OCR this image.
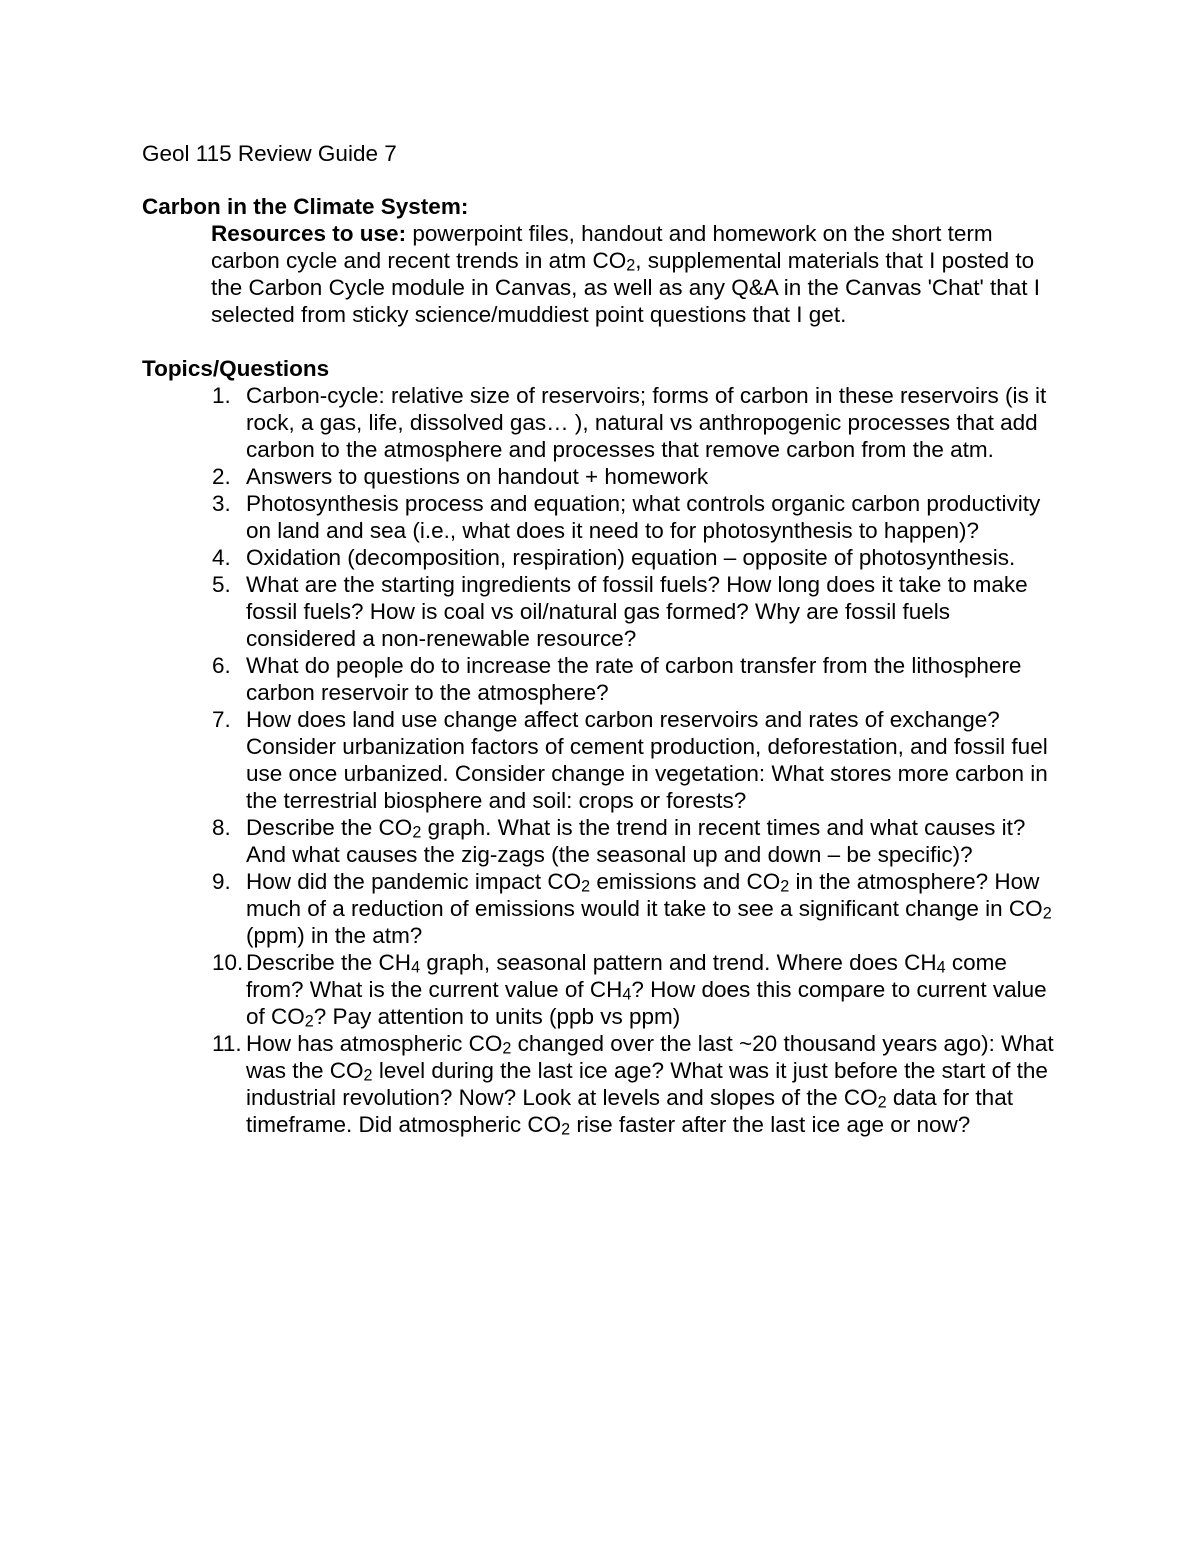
Geol 115 Review Guide 7
Carbon in the Climate System:
Resources to use: powerpoint files, handout and homework on the short term carbon cycle and recent trends in atm $CO_2$, supplemental materials that I posted to the Carbon Cycle module in Canvas, as well as any Q&A in the Canvas 'Chat' that I selected from sticky science/muddiest point questions that I get.
Topics/Questions
1. Carbon-cycle: relative size of reservoirs; forms of carbon in these reservoirs (is it rock, a gas, life, dissolved gas… ), natural vs anthropogenic processes that add carbon to the atmosphere and processes that remove carbon from the atm.
2. Answers to questions on handout + homework
3. Photosynthesis process and equation; what controls organic carbon productivity on land and sea (i.e., what does it need to for photosynthesis to happen)?
4. Oxidation (decomposition, respiration) equation – opposite of photosynthesis.
5. What are the starting ingredients of fossil fuels? How long does it take to make fossil fuels? How is coal vs oil/natural gas formed? Why are fossil fuels considered a non-renewable resource?
6. What do people do to increase the rate of carbon transfer from the lithosphere carbon reservoir to the atmosphere?
7. How does land use change affect carbon reservoirs and rates of exchange? Consider urbanization factors of cement production, deforestation, and fossil fuel use once urbanized. Consider change in vegetation: What stores more carbon in the terrestrial biosphere and soil: crops or forests?
8. Describe the $CO_2$ graph. What is the trend in recent times and what causes it? And what causes the zig-zags (the seasonal up and down – be specific)?
9. How did the pandemic impact $CO_2$ emissions and $CO_2$ in the atmosphere? How much of a reduction of emissions would it take to see a significant change in $CO_2$ (ppm) in the atm?
10. Describe the $CH_4$ graph, seasonal pattern and trend. Where does $CH_4$ come from? What is the current value of $CH_4$? How does this compare to current value of $CO_2$? Pay attention to units (ppb vs ppm)
11. How has atmospheric $CO_2$ changed over the last ~20 thousand years ago): What was the $CO_2$ level during the last ice age? What was it just before the start of the industrial revolution? Now? Look at levels and slopes of the $CO_2$ data for that timeframe. Did atmospheric $CO_2$ rise faster after the last ice age or now?
